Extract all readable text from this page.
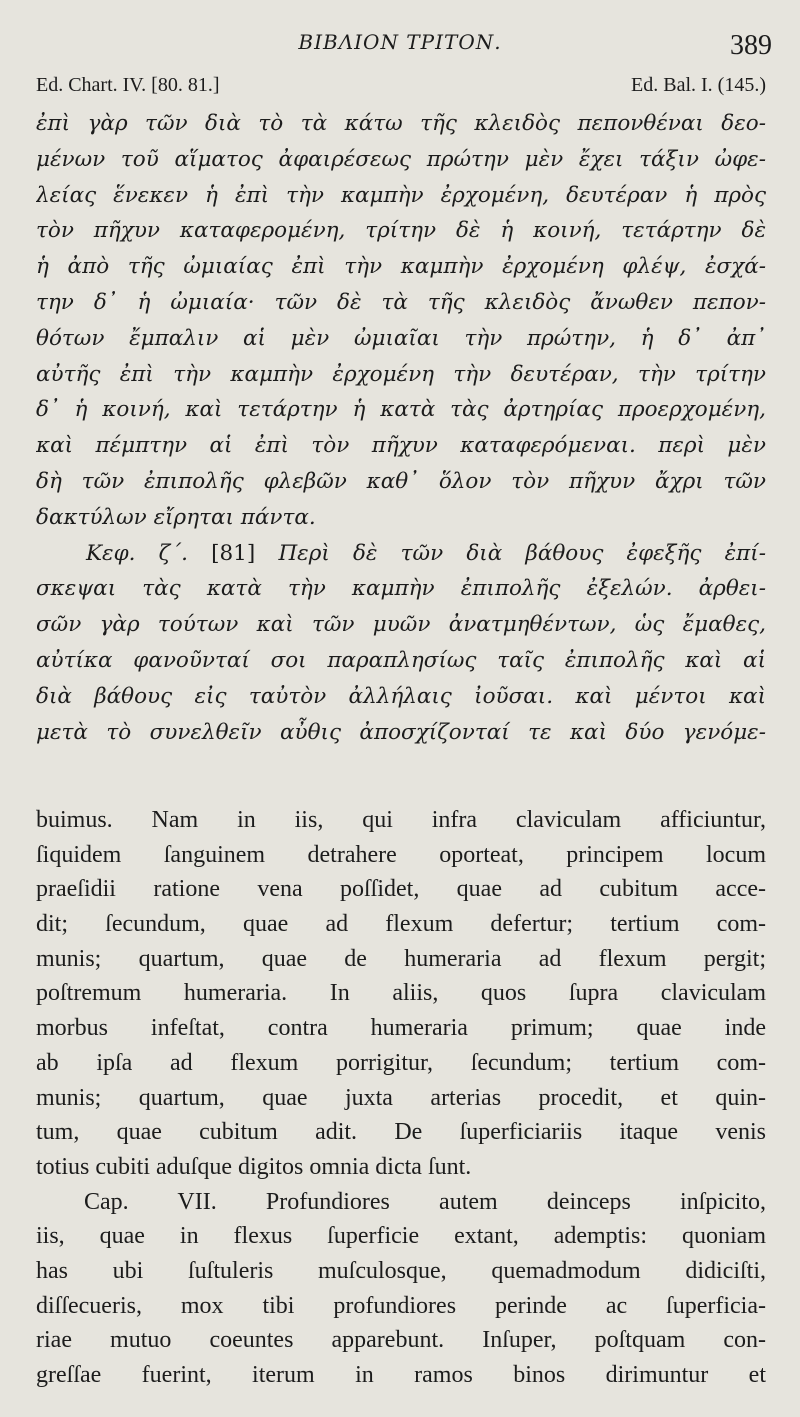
ΒΙΒΛΙΟΝ ΤΡΙΤΟΝ.	389
Ed. Chart. IV. [80. 81.]	Ed. Bal. I. (145.)
ἐπὶ γὰρ τῶν διὰ τὸ τὰ κάτω τῆς κλειδὸς πεπονθέναι δεο-
μένων τοῦ αἵματος ἀφαιρέσεως πρώτην μὲν ἔχει τάξιν ὠφε-
λείας ἕνεκεν ἡ ἐπὶ τὴν καμπὴν ἐρχομένη, δευτέραν ἡ πρὸς
τὸν πῆχυν καταφερομένη, τρίτην δὲ ἡ κοινή, τετάρτην δὲ
ἡ ἀπὸ τῆς ὠμιαίας ἐπὶ τὴν καμπὴν ἐρχομένη φλέψ, ἐσχά-
την δ᾽ ἡ ὠμιαία· τῶν δὲ τὰ τῆς κλειδὸς ἄνωθεν πεπον-
θότων ἔμπαλιν αἱ μὲν ὠμιαῖαι τὴν πρώτην, ἡ δ᾽ ἀπ᾽
αὐτῆς ἐπὶ τὴν καμπὴν ἐρχομένη τὴν δευτέραν, τὴν τρίτην
δ᾽ ἡ κοινή, καὶ τετάρτην ἡ κατὰ τὰς ἀρτηρίας προερχομένη,
καὶ πέμπτην αἱ ἐπὶ τὸν πῆχυν καταφερόμεναι. περὶ μὲν
δὴ τῶν ἐπιπολῆς φλεβῶν καθ᾽ ὅλον τὸν πῆχυν ἄχρι τῶν
δακτύλων εἴρηται πάντα.
Κεφ. ζ΄. [81] Περὶ δὲ τῶν διὰ βάθους ἐφεξῆς ἐπί-
σκεψαι τὰς κατὰ τὴν καμπὴν ἐπιπολῆς ἐξελών. ἀρθει-
σῶν γὰρ τούτων καὶ τῶν μυῶν ἀνατμηθέντων, ὡς ἔμαθες,
αὐτίκα φανοῦνταί σοι παραπλησίως ταῖς ἐπιπολῆς καὶ αἱ
διὰ βάθους εἰς ταὐτὸν ἀλλήλαις ἰοῦσαι. καὶ μέντοι καὶ
μετὰ τὸ συνελθεῖν αὖθις ἀποσχίζονταί τε καὶ δύο γενόμε-
buimus. Nam in iis, qui infra claviculam afficiuntur,
ſiquidem ſanguinem detrahere oporteat, principem locum
praeſidii ratione vena poſſidet, quae ad cubitum acce-
dit; ſecundum, quae ad flexum defertur; tertium com-
munis; quartum, quae de humeraria ad flexum pergit;
poſtremum humeraria. In aliis, quos ſupra claviculam
morbus infeſtat, contra humeraria primum; quae inde
ab ipſa ad flexum porrigitur, ſecundum; tertium com-
munis; quartum, quae juxta arterias procedit, et quin-
tum, quae cubitum adit. De ſuperficiariis itaque venis
totius cubiti aduſque digitos omnia dicta ſunt.
Cap. VII. Profundiores autem deinceps inſpicito,
iis, quae in flexus ſuperficie extant, ademptis: quoniam
has ubi ſuſtuleris muſculosque, quemadmodum didiciſti,
diſſecueris, mox tibi profundiores perinde ac ſuperficia-
riae mutuo coeuntes apparebunt. Inſuper, poſtquam con-
greſſae fuerint, iterum in ramos binos dirimuntur et
